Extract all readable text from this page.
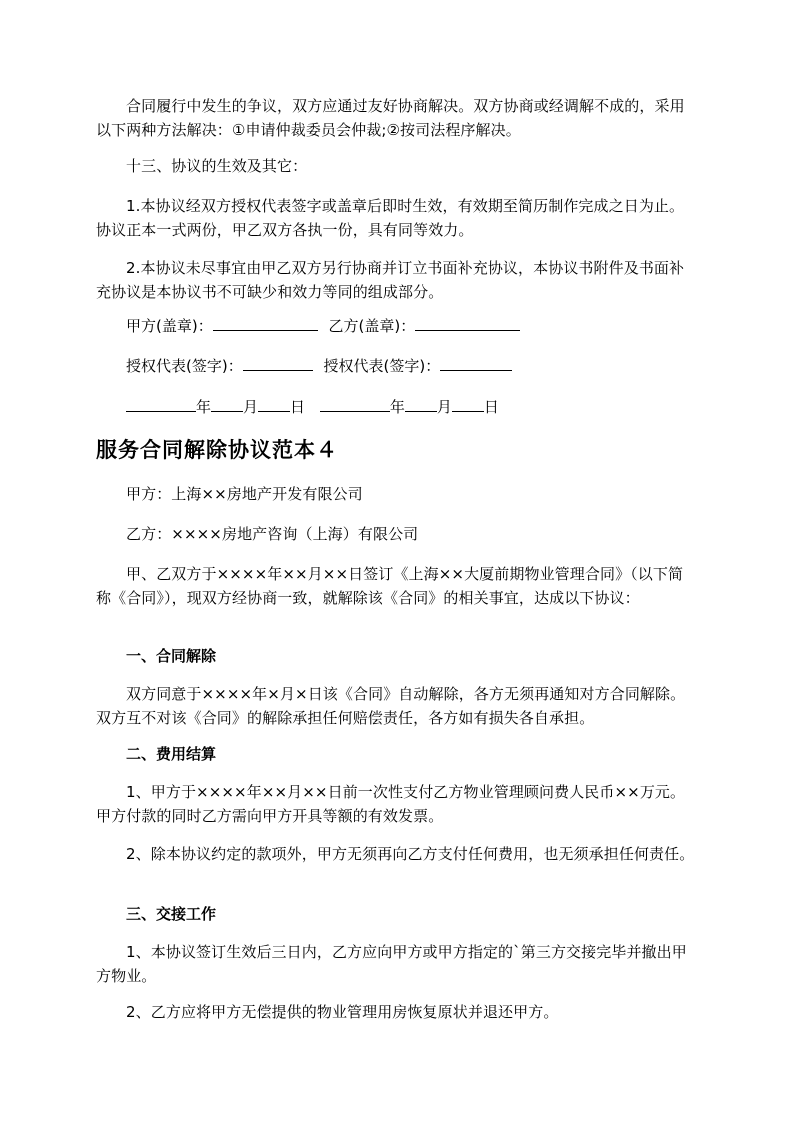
合同履行中发生的争议，双方应通过友好协商解决。双方协商或经调解不成的，采用以下两种方法解决：①申请仲裁委员会仲裁;②按司法程序解决。

十三、协议的生效及其它：

1.本协议经双方授权代表签字或盖章后即时生效，有效期至简历制作完成之日为止。协议正本一式两份，甲乙双方各执一份，具有同等效力。

2.本协议未尽事宜由甲乙双方另行协商并订立书面补充协议，本协议书附件及书面补充协议是本协议书不可缺少和效力等同的组成部分。

甲方(盖章)：	乙方(盖章)：
授权代表(签字)：	授权代表(签字)：
年 月 日	年 月 日
服务合同解除协议范本４

甲方：上海××房地产开发有限公司

乙方：××××房地产咨询（上海）有限公司

甲、乙双方于××××年××月××日签订《上海××大厦前期物业管理合同》（以下简称《合同》），现双方经协商一致，就解除该《合同》的相关事宜，达成以下协议：

一、合同解除

双方同意于××××年×月×日该《合同》自动解除，各方无须再通知对方合同解除。双方互不对该《合同》的解除承担任何赔偿责任，各方如有损失各自承担。

二、费用结算

1、甲方于××××年××月××日前一次性支付乙方物业管理顾问费人民币××万元。甲方付款的同时乙方需向甲方开具等额的有效发票。

2、除本协议约定的款项外，甲方无须再向乙方支付任何费用，也无须承担任何责任。

三、交接工作

1、本协议签订生效后三日内，乙方应向甲方或甲方指定的`第三方交接完毕并撤出甲方物业。

2、乙方应将甲方无偿提供的物业管理用房恢复原状并退还甲方。
